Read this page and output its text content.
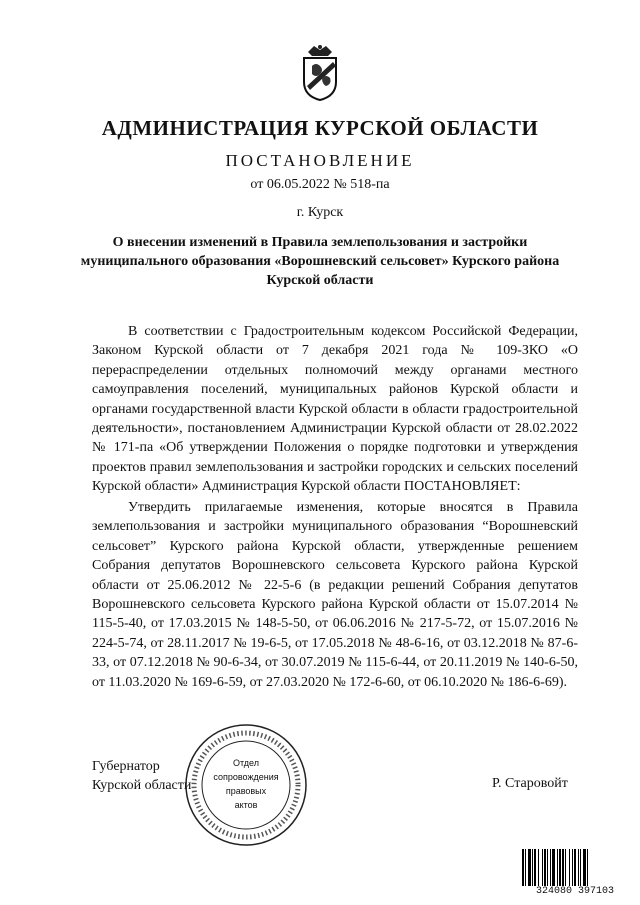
АДМИНИСТРАЦИЯ КУРСКОЙ ОБЛАСТИ
ПОСТАНОВЛЕНИЕ
от 06.05.2022 № 518-па
г. Курск
О внесении изменений в Правила землепользования и застройки муниципального образования «Ворошневский сельсовет» Курского района Курской области
В соответствии с Градостроительным кодексом Российской Федерации, Законом Курской области от 7 декабря 2021 года № 109-ЗКО «О перераспределении отдельных полномочий между органами местного самоуправления поселений, муниципальных районов Курской области и органами государственной власти Курской области в области градостроительной деятельности», постановлением Администрации Курской области от 28.02.2022 № 171-па «Об утверждении Положения о порядке подготовки и утверждения проектов правил землепользования и застройки городских и сельских поселений Курской области» Администрация Курской области ПОСТАНОВЛЯЕТ:
Утвердить прилагаемые изменения, которые вносятся в Правила землепользования и застройки муниципального образования “Ворошневский сельсовет” Курского района Курской области, утвержденные решением Собрания депутатов Ворошневского сельсовета Курского района Курской области от 25.06.2012 № 22-5-6 (в редакции решений Собрания депутатов Ворошневского сельсовета Курского района Курской области от 15.07.2014 № 115-5-40, от 17.03.2015 № 148-5-50, от 06.06.2016 № 217-5-72, от 15.07.2016 № 224-5-74, от 28.11.2017 № 19-6-5, от 17.05.2018 № 48-6-16, от 03.12.2018 № 87-6-33, от 07.12.2018 № 90-6-34, от 30.07.2019 № 115-6-44, от 20.11.2019 № 140-6-50, от 11.03.2020 № 169-6-59, от 27.03.2020 № 172-6-60, от 06.10.2020 № 186-6-69).
Губернатор
Курской области	Р. Старовойт
Отдел
сопровождения
правовых
актов
324080 397103
